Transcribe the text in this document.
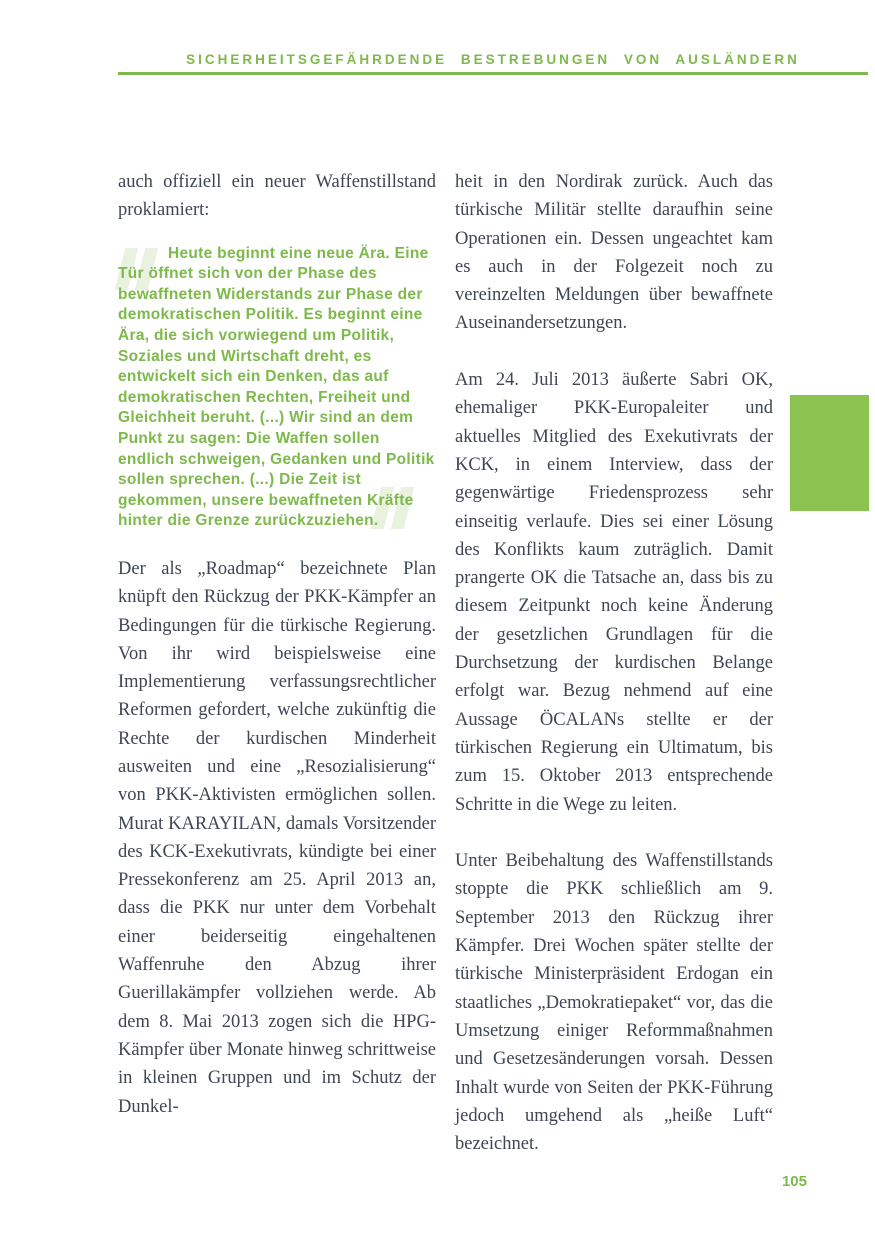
SICHERHEITSGEFÄHRDENDE BESTREBUNGEN VON AUSLÄNDERN

auch offiziell ein neuer Waffenstillstand proklamiert:

Heute beginnt eine neue Ära. Eine Tür öffnet sich von der Phase des bewaffneten Widerstands zur Phase der demokratischen Politik. Es beginnt eine Ära, die sich vorwiegend um Politik, Soziales und Wirtschaft dreht, es entwickelt sich ein Denken, das auf demokratischen Rechten, Freiheit und Gleichheit beruht. (...) Wir sind an dem Punkt zu sagen: Die Waffen sollen endlich schweigen, Gedanken und Politik sollen sprechen. (...) Die Zeit ist gekommen, unsere bewaffneten Kräfte hinter die Grenze zurückzuziehen.

Der als „Roadmap“ bezeichnete Plan knüpft den Rückzug der PKK-Kämpfer an Bedingungen für die türkische Regierung. Von ihr wird beispielsweise eine Implementierung verfassungsrechtlicher Reformen gefordert, welche zukünftig die Rechte der kurdischen Minderheit ausweiten und eine „Resozialisierung“ von PKK-Aktivisten ermöglichen sollen. Murat KARAYILAN, damals Vorsitzender des KCK-Exekutivrats, kündigte bei einer Pressekonferenz am 25. April 2013 an, dass die PKK nur unter dem Vorbehalt einer beiderseitig eingehaltenen Waffenruhe den Abzug ihrer Guerillakämpfer vollziehen werde. Ab dem 8. Mai 2013 zogen sich die HPG-Kämpfer über Monate hinweg schrittweise in kleinen Gruppen und im Schutz der Dunkel-

heit in den Nordirak zurück. Auch das türkische Militär stellte daraufhin seine Operationen ein. Dessen ungeachtet kam es auch in der Folgezeit noch zu vereinzelten Meldungen über bewaffnete Auseinandersetzungen.

Am 24. Juli 2013 äußerte Sabri OK, ehemaliger PKK-Europaleiter und aktuelles Mitglied des Exekutivrats der KCK, in einem Interview, dass der gegenwärtige Friedensprozess sehr einseitig verlaufe. Dies sei einer Lösung des Konflikts kaum zuträglich. Damit prangerte OK die Tatsache an, dass bis zu diesem Zeitpunkt noch keine Änderung der gesetzlichen Grundlagen für die Durchsetzung der kurdischen Belange erfolgt war. Bezug nehmend auf eine Aussage ÖCALANs stellte er der türkischen Regierung ein Ultimatum, bis zum 15. Oktober 2013 entsprechende Schritte in die Wege zu leiten.

Unter Beibehaltung des Waffenstillstands stoppte die PKK schließlich am 9. September 2013 den Rückzug ihrer Kämpfer. Drei Wochen später stellte der türkische Ministerpräsident Erdogan ein staatliches „Demokratiepaket“ vor, das die Umsetzung einiger Reformmaßnahmen und Gesetzesänderungen vorsah. Dessen Inhalt wurde von Seiten der PKK-Führung jedoch umgehend als „heiße Luft“ bezeichnet.

105
